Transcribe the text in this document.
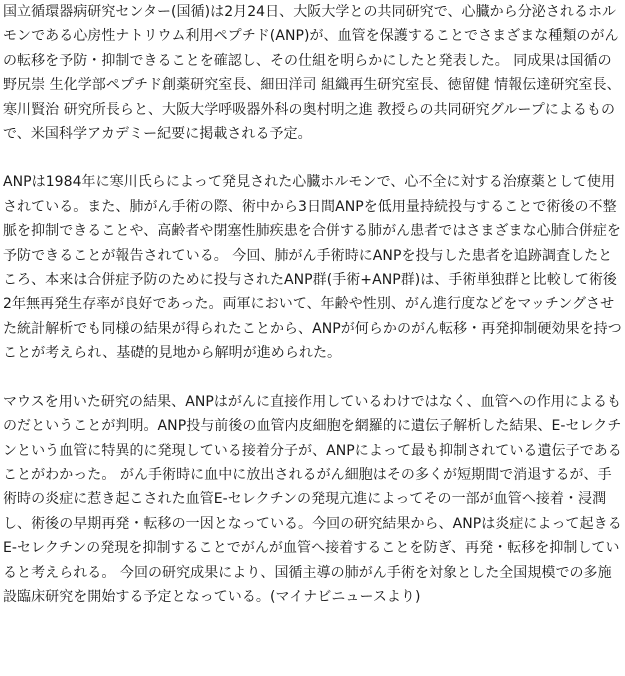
国立循環器病研究センター(国循)は2月24日、大阪大学との共同研究で、心臓から分泌されるホルモンである心房性ナトリウム利用ペプチド(ANP)が、血管を保護することでさまざまな種類のがんの転移を予防・抑制できることを確認し、その仕組を明らかにしたと発表した。 同成果は国循の野尻崇 生化学部ペプチド創薬研究室長、細田洋司 組織再生研究室長、徳留健 情報伝達研究室長、寒川賢治 研究所長らと、大阪大学呼吸器外科の奥村明之進 教授らの共同研究グループによるもので、米国科学アカデミー紀要に掲載される予定。

ANPは1984年に寒川氏らによって発見された心臓ホルモンで、心不全に対する治療薬として使用されている。また、肺がん手術の際、術中から3日間ANPを低用量持続投与することで術後の不整脈を抑制できることや、高齢者や閉塞性肺疾患を合併する肺がん患者ではさまざまな心肺合併症を予防できることが報告されている。 今回、肺がん手術時にANPを投与した患者を追跡調査したところ、本来は合併症予防のために投与されたANP群(手術+ANP群)は、手術単独群と比較して術後2年無再発生存率が良好であった。両軍において、年齢や性別、がん進行度などをマッチングさせた統計解析でも同様の結果が得られたことから、ANPが何らかのがん転移・再発抑制硬効果を持つことが考えられ、基礎的見地から解明が進められた。

マウスを用いた研究の結果、ANPはがんに直接作用しているわけではなく、血管への作用によるものだということが判明。ANP投与前後の血管内皮細胞を網羅的に遺伝子解析した結果、E-セレクチンという血管に特異的に発現している接着分子が、ANPによって最も抑制されている遺伝子であることがわかった。 がん手術時に血中に放出されるがん細胞はその多くが短期間で消退するが、手術時の炎症に惹き起こされた血管E-セレクチンの発現亢進によってその一部が血管へ接着・浸潤し、術後の早期再発・転移の一因となっている。今回の研究結果から、ANPは炎症によって起きるE-セレクチンの発現を抑制することでがんが血管へ接着することを防ぎ、再発・転移を抑制していると考えられる。 今回の研究成果により、国循主導の肺がん手術を対象とした全国規模での多施設臨床研究を開始する予定となっている。(マイナビニュースより)
